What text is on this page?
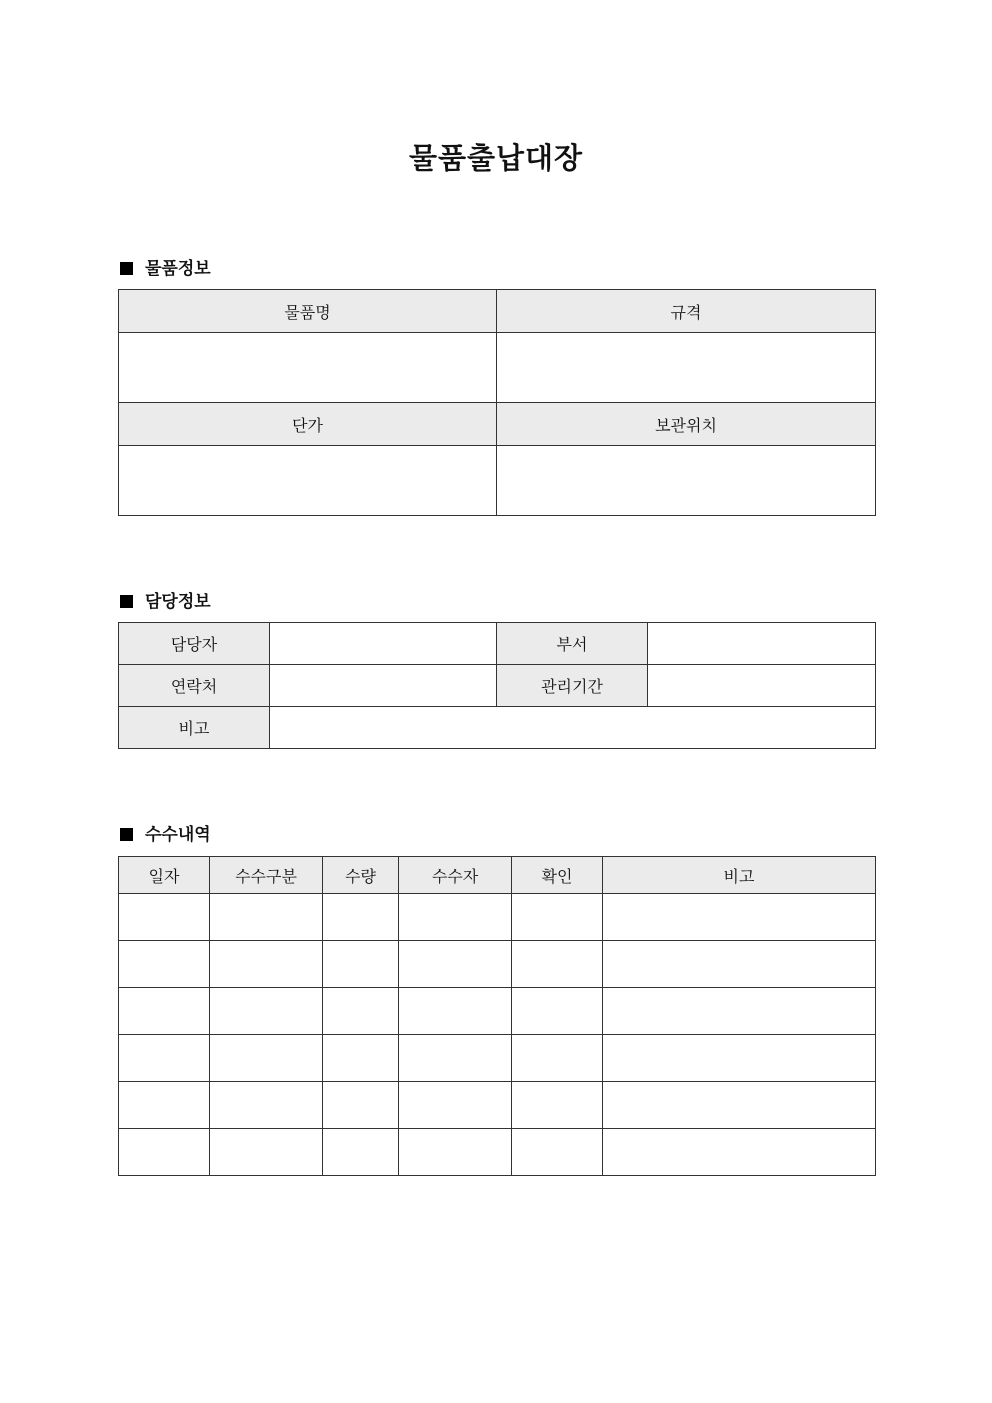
물품출납대장
물품정보
물품명	규격

단가	보관위치

담당정보
담당자		부서	
연락처		관리기간	
비고			
수수내역
일자	수수구분	수량	수수자	확인	비고
